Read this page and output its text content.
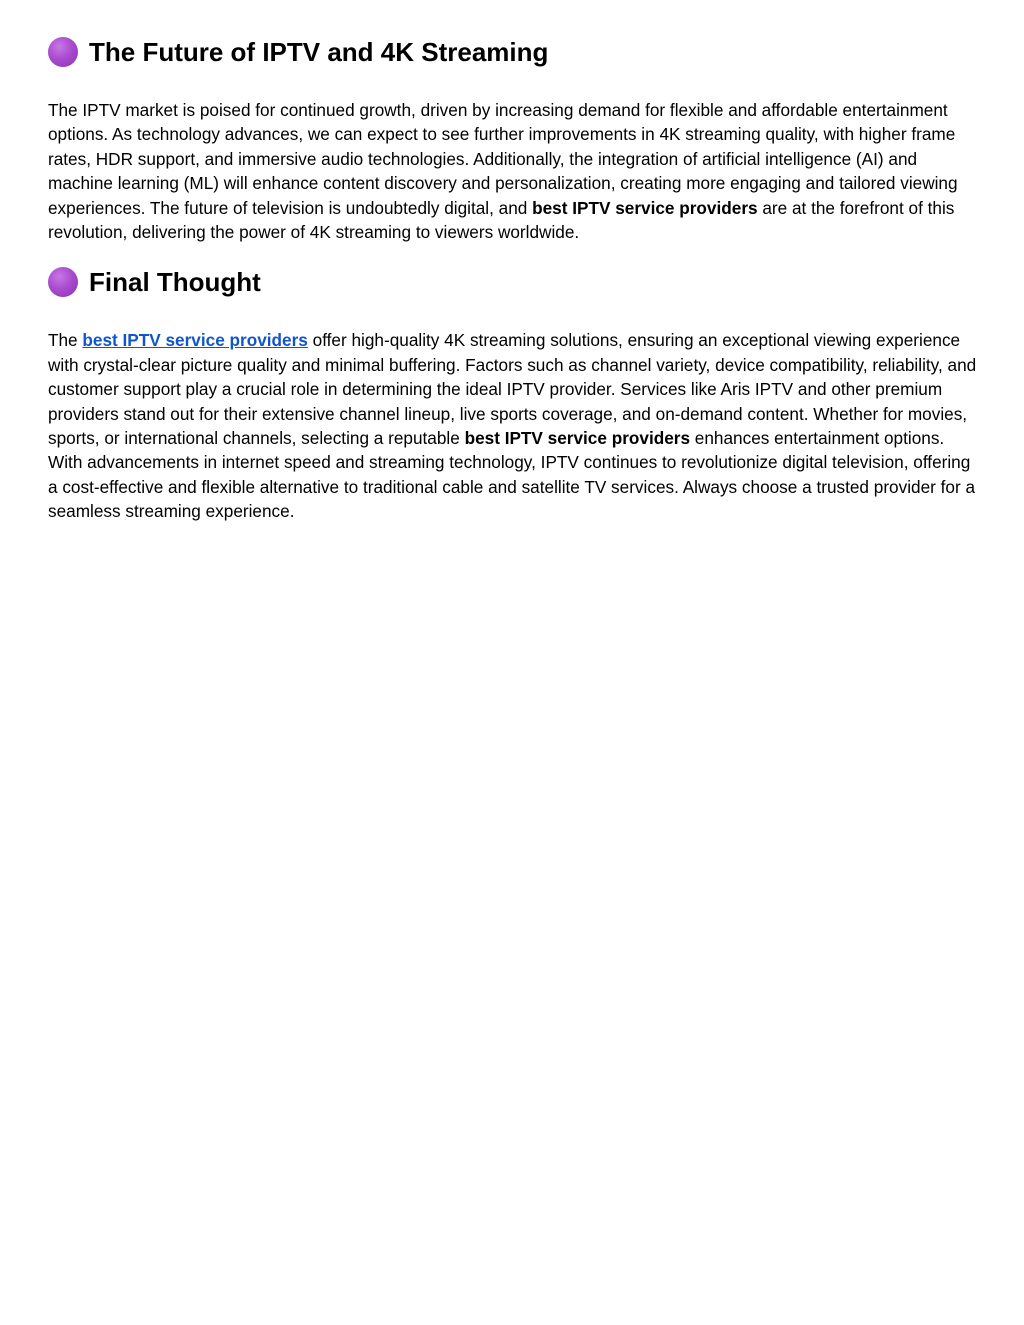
The Future of IPTV and 4K Streaming

The IPTV market is poised for continued growth, driven by increasing demand for flexible and affordable entertainment options. As technology advances, we can expect to see further improvements in 4K streaming quality, with higher frame rates, HDR support, and immersive audio technologies. Additionally, the integration of artificial intelligence (AI) and machine learning (ML) will enhance content discovery and personalization, creating more engaging and tailored viewing experiences. The future of television is undoubtedly digital, and best IPTV service providers are at the forefront of this revolution, delivering the power of 4K streaming to viewers worldwide.

Final Thought

The best IPTV service providers offer high-quality 4K streaming solutions, ensuring an exceptional viewing experience with crystal-clear picture quality and minimal buffering. Factors such as channel variety, device compatibility, reliability, and customer support play a crucial role in determining the ideal IPTV provider. Services like Aris IPTV and other premium providers stand out for their extensive channel lineup, live sports coverage, and on-demand content. Whether for movies, sports, or international channels, selecting a reputable best IPTV service providers enhances entertainment options. With advancements in internet speed and streaming technology, IPTV continues to revolutionize digital television, offering a cost-effective and flexible alternative to traditional cable and satellite TV services. Always choose a trusted provider for a seamless streaming experience.
